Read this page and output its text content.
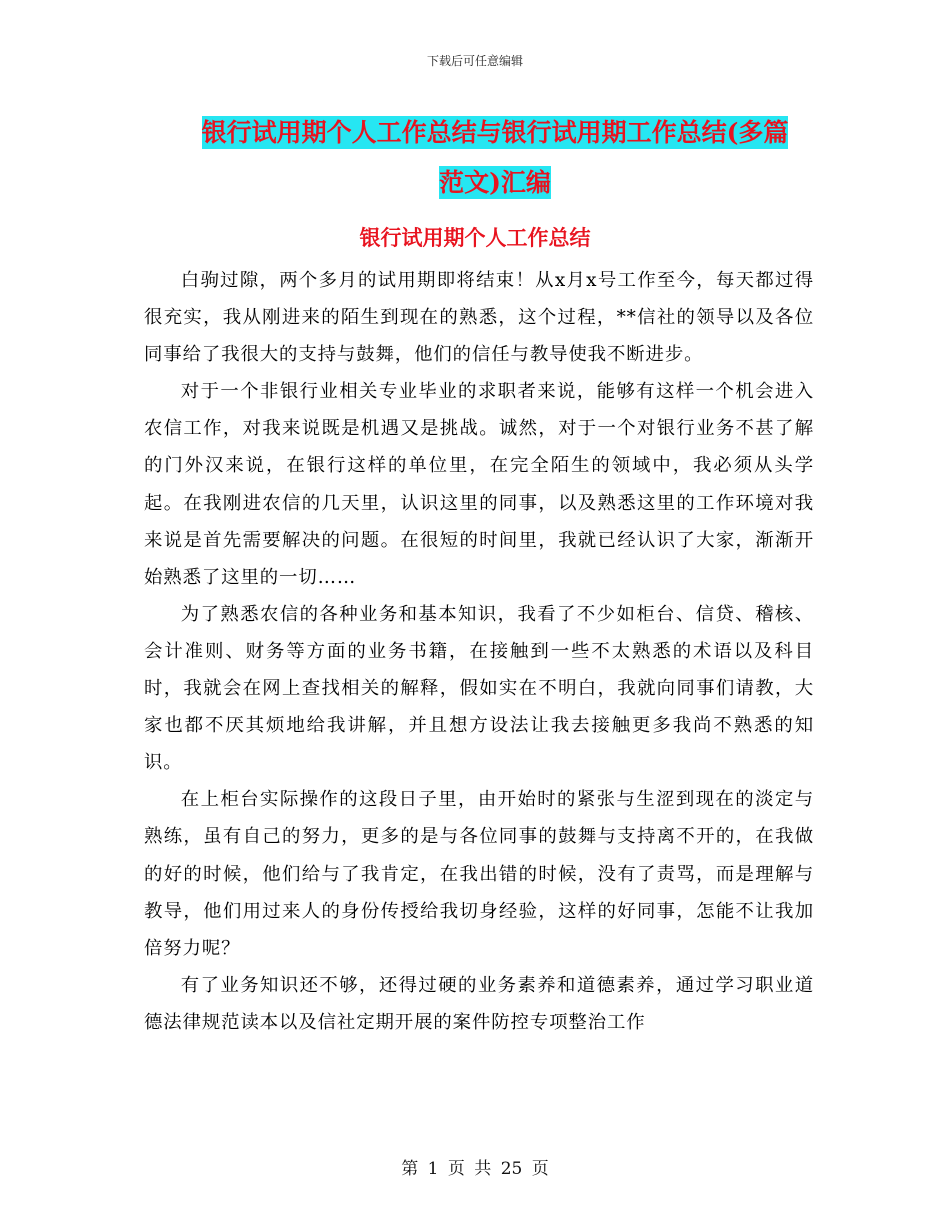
下载后可任意编辑
银行试用期个人工作总结与银行试用期工作总结(多篇
范文)汇编
银行试用期个人工作总结

白驹过隙，两个多月的试用期即将结束！从x月x号工作至今，每天都过得很充实，我从刚进来的陌生到现在的熟悉，这个过程，**信社的领导以及各位同事给了我很大的支持与鼓舞，他们的信任与教导使我不断进步。

对于一个非银行业相关专业毕业的求职者来说，能够有这样一个机会进入农信工作，对我来说既是机遇又是挑战。诚然，对于一个对银行业务不甚了解的门外汉来说，在银行这样的单位里，在完全陌生的领域中，我必须从头学起。在我刚进农信的几天里，认识这里的同事，以及熟悉这里的工作环境对我来说是首先需要解决的问题。在很短的时间里，我就已经认识了大家，渐渐开始熟悉了这里的一切……

为了熟悉农信的各种业务和基本知识，我看了不少如柜台、信贷、稽核、会计准则、财务等方面的业务书籍，在接触到一些不太熟悉的术语以及科目时，我就会在网上查找相关的解释，假如实在不明白，我就向同事们请教，大家也都不厌其烦地给我讲解，并且想方设法让我去接触更多我尚不熟悉的知识。

在上柜台实际操作的这段日子里，由开始时的紧张与生涩到现在的淡定与熟练，虽有自己的努力，更多的是与各位同事的鼓舞与支持离不开的，在我做的好的时候，他们给与了我肯定，在我出错的时候，没有了责骂，而是理解与教导，他们用过来人的身份传授给我切身经验，这样的好同事，怎能不让我加倍努力呢？

有了业务知识还不够，还得过硬的业务素养和道德素养，通过学习职业道德法律规范读本以及信社定期开展的案件防控专项整治工作

第 1 页 共 25 页
